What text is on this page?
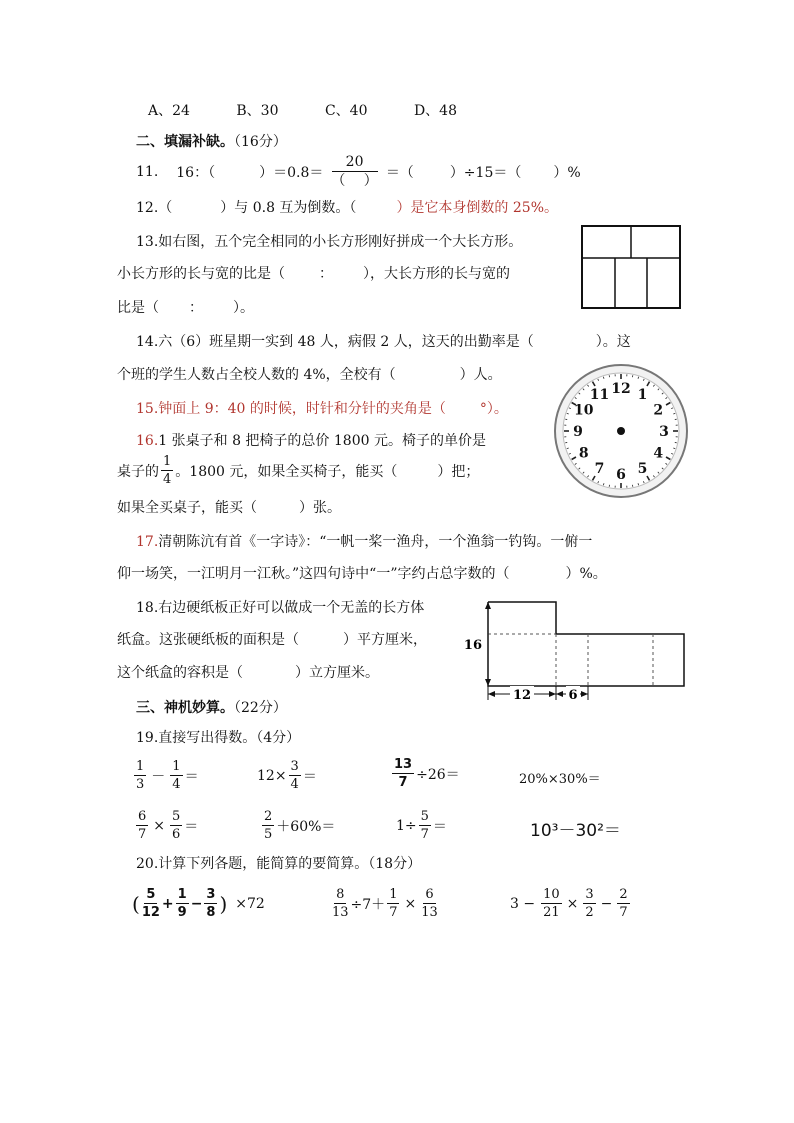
A、24	B、30	C、40	D、48
二、填漏补缺。（16分）
11. 16：（	）$=0.8= \frac{20}{( )}$ ＝（	）÷15＝（ ）%
12.（	）与 0.8 互为倒数。（	）是它本身倒数的 25%。
13.如右图，五个完全相同的小长方形刚好拼成一个大长方形。
小长方形的长与宽的比是（ ： ），大长方形的长与宽的
比是（ ： ）。
14.六（6）班星期一实到 48 人，病假 2 人，这天的出勤率是（	）。这
个班的学生人数占全校人数的 4%，全校有（	）人。
15.钟面上 9：40 的时候，时针和分针的夹角是（ °）。
12 1
2
3
4
5
6
7
8
9
10
11
16.1 张桌子和 8 把椅子的总价 1800 元。椅子的单价是
桌子的 $\frac{1}{4}$ 。1800 元，如果全买椅子，能买（	）把；
如果全买桌子，能买（	）张。
17.清朝陈沆有首《一字诗》：“一帆一桨一渔舟，一个渔翁一钓钩。一俯一
仰一场笑，一江明月一江秋。”这四句诗中“一”字约占总字数的（	）%。
18.右边硬纸板正好可以做成一个无盖的长方体
纸盒。这张硬纸板的面积是（	）平方厘米，
这个纸盒的容积是（	）立方厘米。
16
12	6
三、神机妙算。（22分）
19.直接写出得数。（4分）
$\frac{1}{3} - \frac{1}{4}$ ＝	$12\times \frac{3}{4}$ ＝	$\frac{13}{7} \div 26=$	20%×30%＝
$\frac{6}{7} \times \frac{5}{6}$ ＝	$\frac{2}{5} +60\%=$	$1\div \frac{5}{7}$ ＝	10³－30²＝
20.计算下列各题，能简算的要简算。（18分）
( $\frac{5}{12} + \frac{1}{9} - \frac{3}{8}$ ) ×72	$\frac{8}{13} \div 7+ \frac{1}{7} \times \frac{6}{13}$	$3 - \frac{10}{21} \times \frac{3}{2} - \frac{2}{7}$
